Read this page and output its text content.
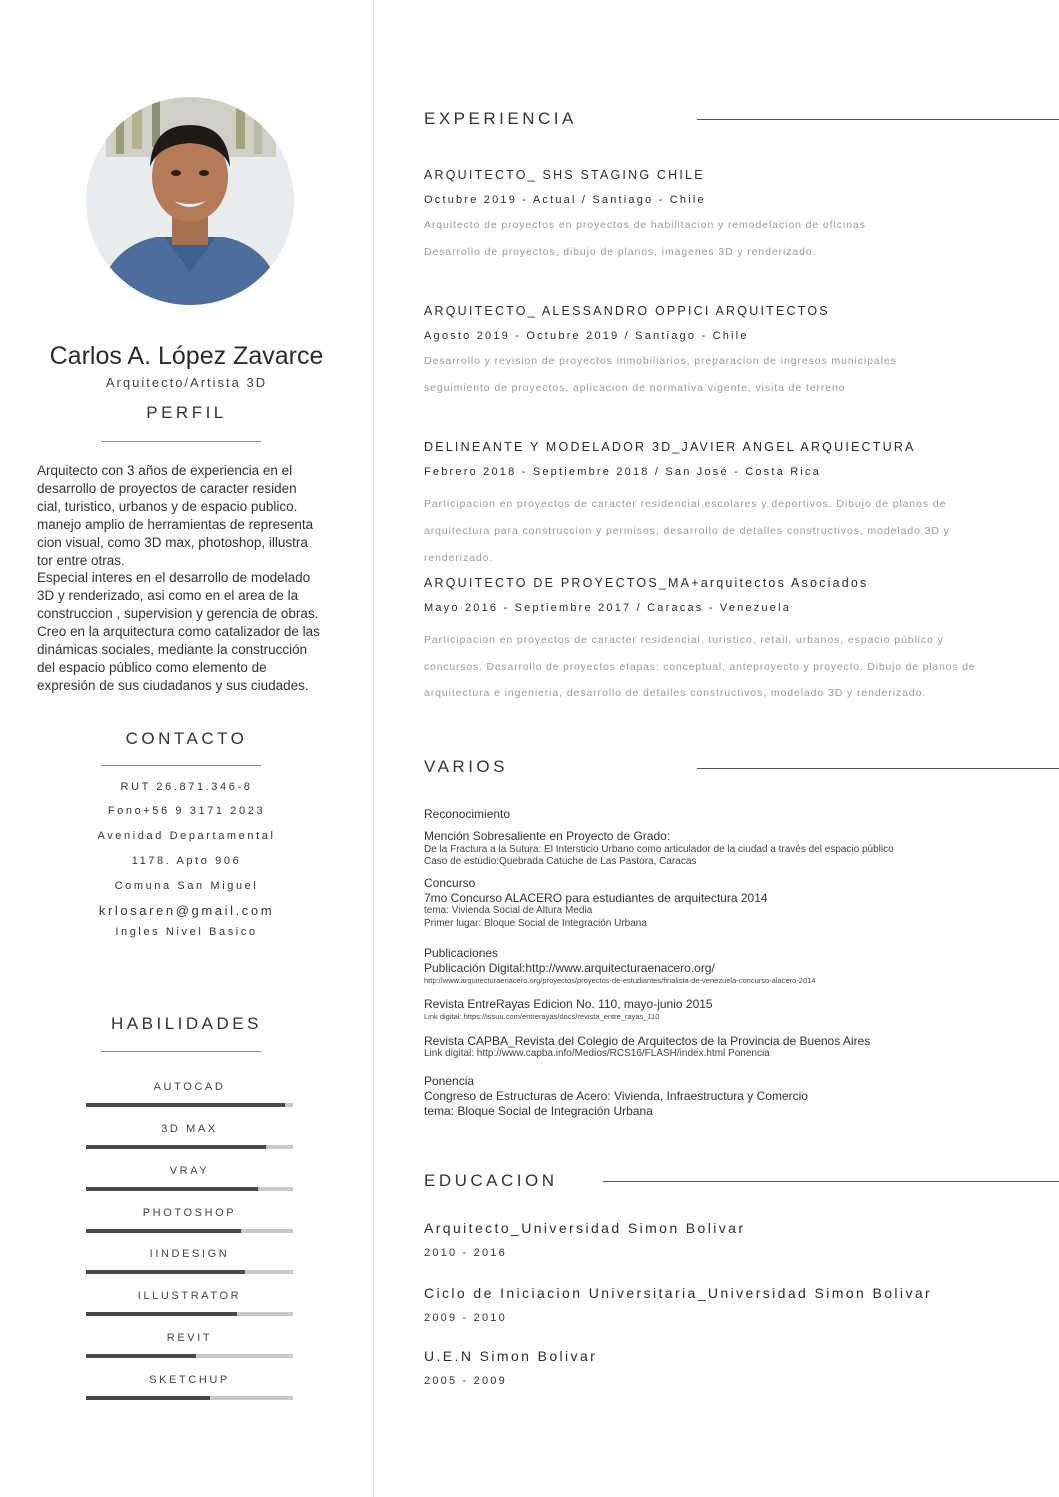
Carlos A. López Zavarce
Arquitecto/Artista 3D
PERFIL
Arquitecto con 3 años de experiencia en el
desarrollo de proyectos de caracter residen
cial, turistico, urbanos y de espacio publico.
manejo amplio de herramientas de representa
cion visual, como 3D max, photoshop, illustra
tor entre otras.
Especial interes en el desarrollo de modelado
3D y renderizado, asi como en el area de la
construccion , supervision y gerencia de obras.
Creo en la arquitectura como catalizador de las
dinámicas sociales, mediante la construcción
del espacio público como elemento de
expresión de sus ciudadanos y sus ciudades.
CONTACTO
RUT 26.871.346-8
Fono+56 9 3171 2023
Avenidad Departamental
1178. Apto 906
Comuna San Miguel
krlosaren@gmail.com
Ingles Nivel Basico
HABILIDADES
AUTOCAD
3D MAX
VRAY
PHOTOSHOP
IINDESIGN
ILLUSTRATOR
REVIT
SKETCHUP
EXPERIENCIA
ARQUITECTO_ SHS STAGING CHILE
Octubre 2019 - Actual / Santiago - Chile
Arquitecto de proyectos en proyectos de habilitacion y remodelacion de oficinas
Desarrollo de proyectos, dibujo de planos, imagenes 3D y renderizado.
ARQUITECTO_ ALESSANDRO OPPICI ARQUITECTOS
Agosto 2019 - Octubre 2019 / Santiago - Chile
Desarrollo y revision de proyectos inmobiliarios, preparacion de ingresos municipales
seguimiento de proyectos, aplicacion de normativa vigente, visita de terreno
DELINEANTE Y MODELADOR 3D_JAVIER ANGEL ARQUIECTURA
Febrero 2018 - Septiembre 2018 / San José - Costa Rica
Participacion en proyectos de caracter residencial,escolares y deportivos. Dibujo de planos de
arquitectura para construccion y permisos, desarrollo de detalles constructivos, modelado 3D y
renderizado.
ARQUITECTO DE PROYECTOS_MA+arquitectos Asociados
Mayo 2016 - Septiembre 2017 / Caracas - Venezuela
Participacion en proyectos de caracter residencial, turistico, retail, urbanos, espacio público y
concursos. Desarrollo de proyectos etapas: conceptual, anteproyecto y proyecto. Dibujo de planos de
arquitectura e ingenieria, desarrollo de detalles constructivos, modelado 3D y renderizado.
VARIOS
Reconocimiento
Mención Sobresaliente en Proyecto de Grado:
De la Fractura a la Sutura: El Intersticio Urbano como articulador de la ciudad a través del espacio público
Caso de estudio:Quebrada Catuche de Las Pastora, Caracas
Concurso
7mo Concurso ALACERO para estudiantes de arquitectura 2014
tema: Vivienda Social de Altura Media
Primer lugar: Bloque Social de Integración Urbana
Publicaciones
Publicación Digital:http://www.arquitecturaenacero.org/
http://www.arquitecturaenacero.org/proyectos/proyectos-de-estudiantes/finalista-de-venezuela-concurso-alacero-2014
Revista EntreRayas Edicion No. 110, mayo-junio 2015
Link digital: https://issuu.com/entrerayas/docs/revista_entre_rayas_110
Revista CAPBA_Revista del Colegio de Arquitectos de la Provincia de Buenos Aires
Link digital: http://www.capba.info/Medios/RCS16/FLASH/index.html Ponencia
Ponencia
Congreso de Estructuras de Acero: Vivienda, Infraestructura y Comercio
tema: Bloque Social de Integración Urbana
EDUCACION
Arquitecto_Universidad Simon Bolivar
2010 - 2016
Ciclo de Iniciacion Universitaria_Universidad Simon Bolivar
2009 - 2010
U.E.N Simon Bolivar
2005 - 2009
